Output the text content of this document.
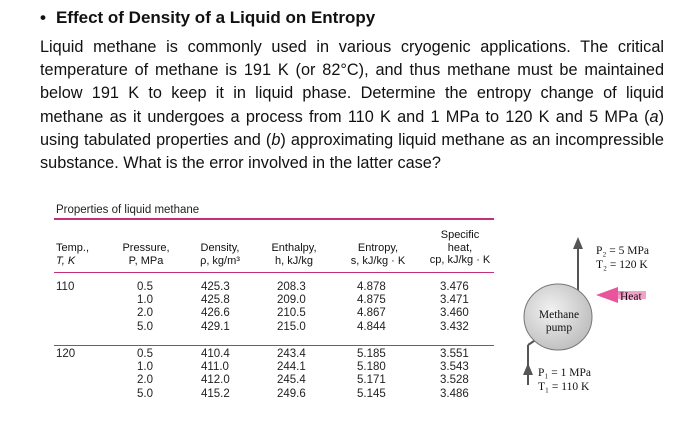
• Effect of Density of a Liquid on Entropy
Liquid methane is commonly used in various cryogenic applications. The critical temperature of methane is 191 K (or 82°C), and thus methane must be maintained below 191 K to keep it in liquid phase. Determine the entropy change of liquid methane as it undergoes a process from 110 K and 1 MPa to 120 K and 5 MPa (a) using tabulated properties and (b) approximating liquid methane as an incompressible substance. What is the error involved in the latter case?
Properties of liquid methane
Temp.,
T, K
Pressure,
P, MPa
Density,
ρ, kg/m³
Enthalpy,
h, kJ/kg
Entropy,
s, kJ/kg · K
Specific
heat,
cp, kJ/kg · K
110	0.5
1.0
2.0
5.0
425.3
425.8
426.6
429.1
208.3
209.0
210.5
215.0
4.878
4.875
4.867
4.844
3.476
3.471
3.460
3.432
120	0.5
1.0
2.0
5.0
410.4
411.0
412.0
415.2
243.4
244.1
245.4
249.6
5.185
5.180
5.171
5.145
3.551
3.543
3.528
3.486
P₂ = 5 MPa
T₂ = 120 K
Heat
Methane
pump
P₁ = 1 MPa
T₁ = 110 K
